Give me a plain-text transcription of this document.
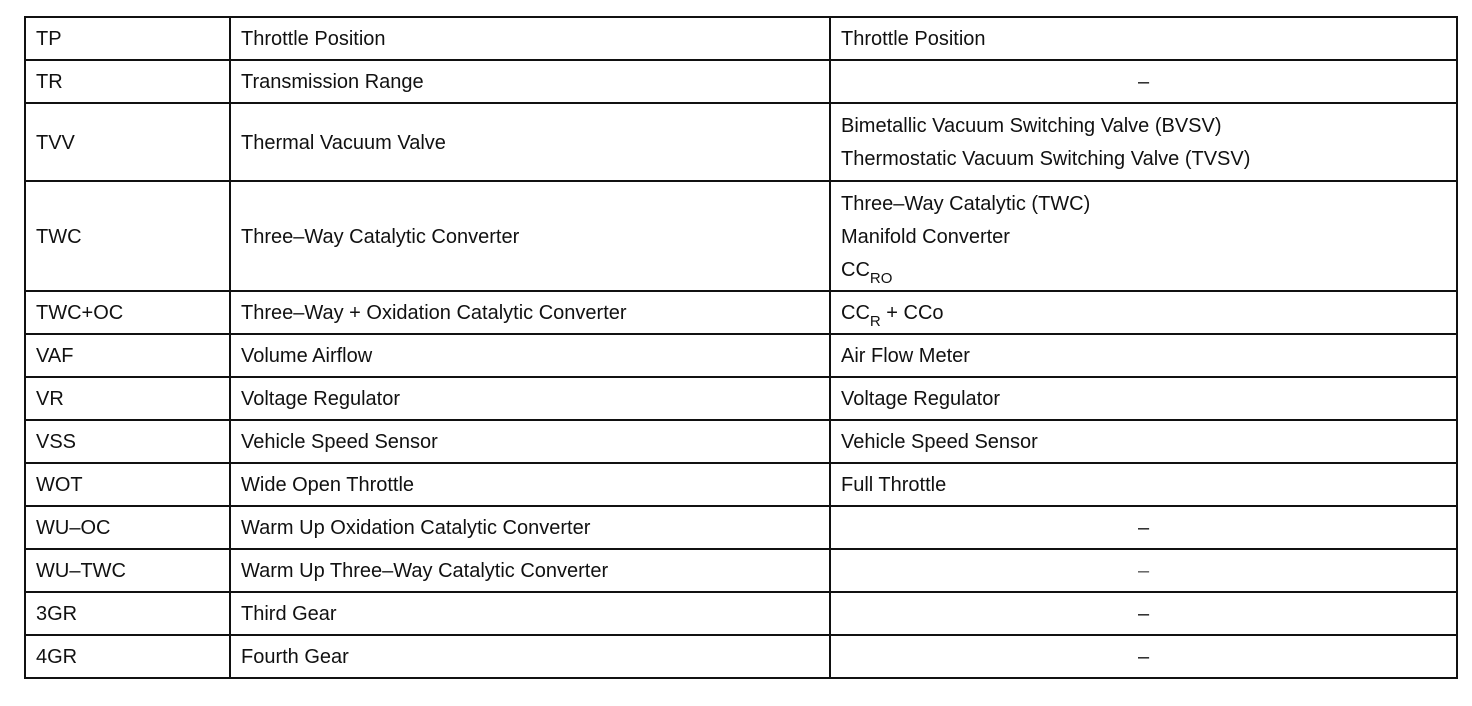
TP	Throttle Position	Throttle Position
TR	Transmission Range	–
TVV	Thermal Vacuum Valve	Bimetallic Vacuum Switching Valve (BVSV)
Thermostatic Vacuum Switching Valve (TVSV)

TWC	Three–Way Catalytic Converter	Three–Way Catalytic (TWC)
Manifold Converter
$CC_{RO}$

TWC+OC	Three–Way + Oxidation Catalytic Converter	$CC_R$ + CCo
VAF	Volume Airflow	Air Flow Meter
VR	Voltage Regulator	Voltage Regulator
VSS	Vehicle Speed Sensor	Vehicle Speed Sensor
WOT	Wide Open Throttle	Full Throttle
WU–OC	Warm Up Oxidation Catalytic Converter	–
WU–TWC	Warm Up Three–Way Catalytic Converter	–
3GR	Third Gear	–
4GR	Fourth Gear	–
